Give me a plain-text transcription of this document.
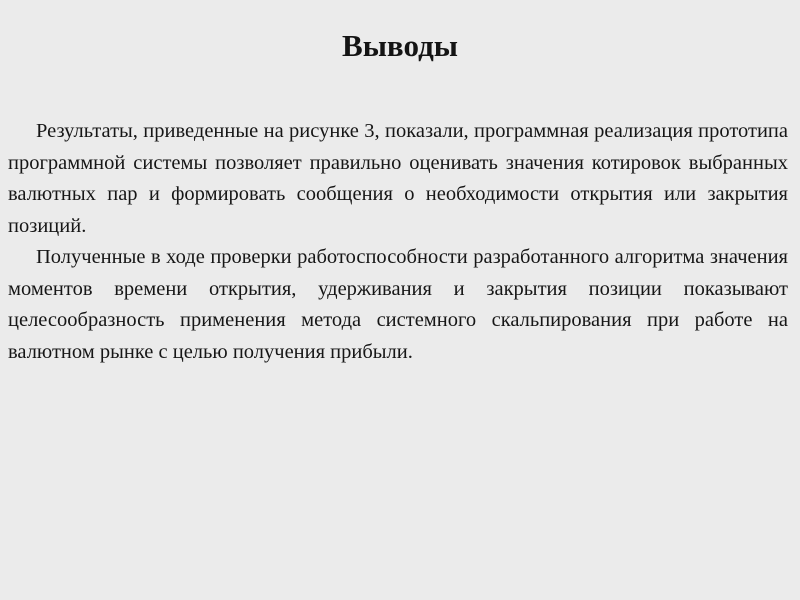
Выводы

Результаты, приведенные на рисунке 3, показали, программная реализация прототипа программной системы позволяет правильно оценивать значения котировок выбранных валютных пар и формировать сообщения о необходимости открытия или закрытия позиций.

Полученные в ходе проверки работоспособности разработанного алгоритма значения моментов времени открытия, удерживания и закрытия позиции показывают целесообразность применения метода системного скальпирования при работе на валютном рынке с целью получения прибыли.
